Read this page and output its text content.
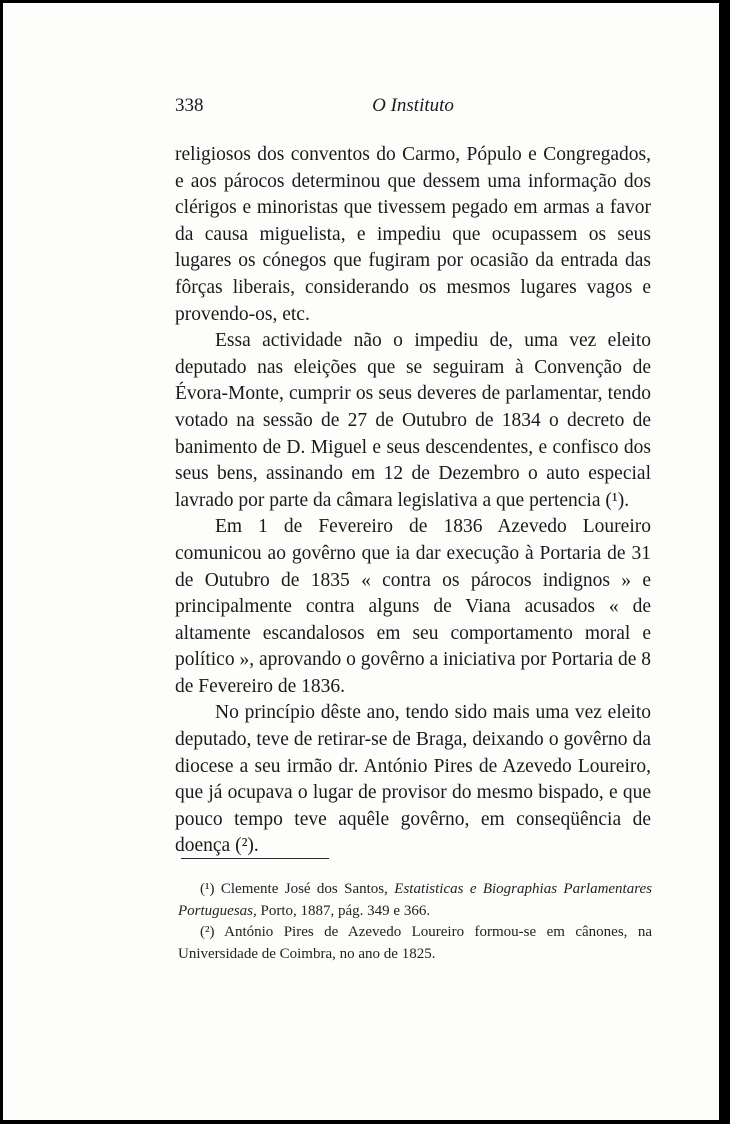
338	O Instituto

religiosos dos conventos do Carmo, Pópulo e Congregados, e aos párocos determinou que dessem uma informação dos clérigos e minoristas que tivessem pegado em armas a favor da causa miguelista, e impediu que ocupassem os seus lugares os cónegos que fugiram por ocasião da entrada das fôrças liberais, considerando os mesmos lugares vagos e provendo-os, etc.

Essa actividade não o impediu de, uma vez eleito deputado nas eleições que se seguiram à Convenção de Évora-Monte, cumprir os seus deveres de parlamentar, tendo votado na sessão de 27 de Outubro de 1834 o decreto de banimento de D. Miguel e seus descendentes, e confisco dos seus bens, assinando em 12 de Dezembro o auto especial lavrado por parte da câmara legislativa a que pertencia (¹).

Em 1 de Fevereiro de 1836 Azevedo Loureiro comunicou ao govêrno que ia dar execução à Portaria de 31 de Outubro de 1835 « contra os párocos indignos » e principalmente contra alguns de Viana acusados « de altamente escandalosos em seu comportamento moral e político », aprovando o govêrno a iniciativa por Portaria de 8 de Fevereiro de 1836.

No princípio dêste ano, tendo sido mais uma vez eleito deputado, teve de retirar-se de Braga, deixando o govêrno da diocese a seu irmão dr. António Pires de Azevedo Loureiro, que já ocupava o lugar de provisor do mesmo bispado, e que pouco tempo teve aquêle govêrno, em conseqüência de doença (²).

(¹) Clemente José dos Santos, Estatisticas e Biographias Parlamentares Portuguesas, Porto, 1887, pág. 349 e 366.

(²) António Pires de Azevedo Loureiro formou-se em cânones, na Universidade de Coimbra, no ano de 1825.
